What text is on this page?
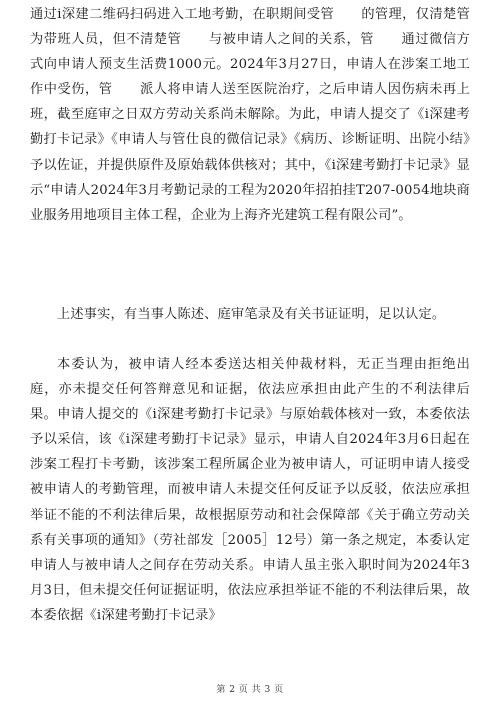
通过i深建二维码扫码进入工地考勤，在职期间受管　　的管理，仅清楚管　　为带班人员，但不清楚管　　与被申请人之间的关系，管　　通过微信方式向申请人预支生活费1000元。2024年3月27日，申请人在涉案工地工作中受伤，管　　派人将申请人送至医院治疗，之后申请人因伤病未再上班，截至庭审之日双方劳动关系尚未解除。为此，申请人提交了《i深建考勤打卡记录》《申请人与管仕良的微信记录》《病历、诊断证明、出院小结》予以佐证，并提供原件及原始载体供核对；其中，《i深建考勤打卡记录》显示“申请人2024年3月考勤记录的工程为2020年招拍挂T207-0054地块商业服务用地项目主体工程，企业为上海齐光建筑工程有限公司”。
上述事实，有当事人陈述、庭审笔录及有关书证证明，足以认定。
本委认为，被申请人经本委送达相关仲裁材料，无正当理由拒绝出庭，亦未提交任何答辩意见和证据，依法应承担由此产生的不利法律后果。申请人提交的《i深建考勤打卡记录》与原始载体核对一致，本委依法予以采信，该《i深建考勤打卡记录》显示，申请人自2024年3月6日起在涉案工程打卡考勤，该涉案工程所属企业为被申请人，可证明申请人接受被申请人的考勤管理，而被申请人未提交任何反证予以反驳，依法应承担举证不能的不利法律后果，故根据原劳动和社会保障部《关于确立劳动关系有关事项的通知》（劳社部发［2005］12号）第一条之规定，本委认定申请人与被申请人之间存在劳动关系。申请人虽主张入职时间为2024年3月3日，但未提交任何证据证明，依法应承担举证不能的不利法律后果，故本委依据《i深建考勤打卡记录》
第 2 页 共 3 页
